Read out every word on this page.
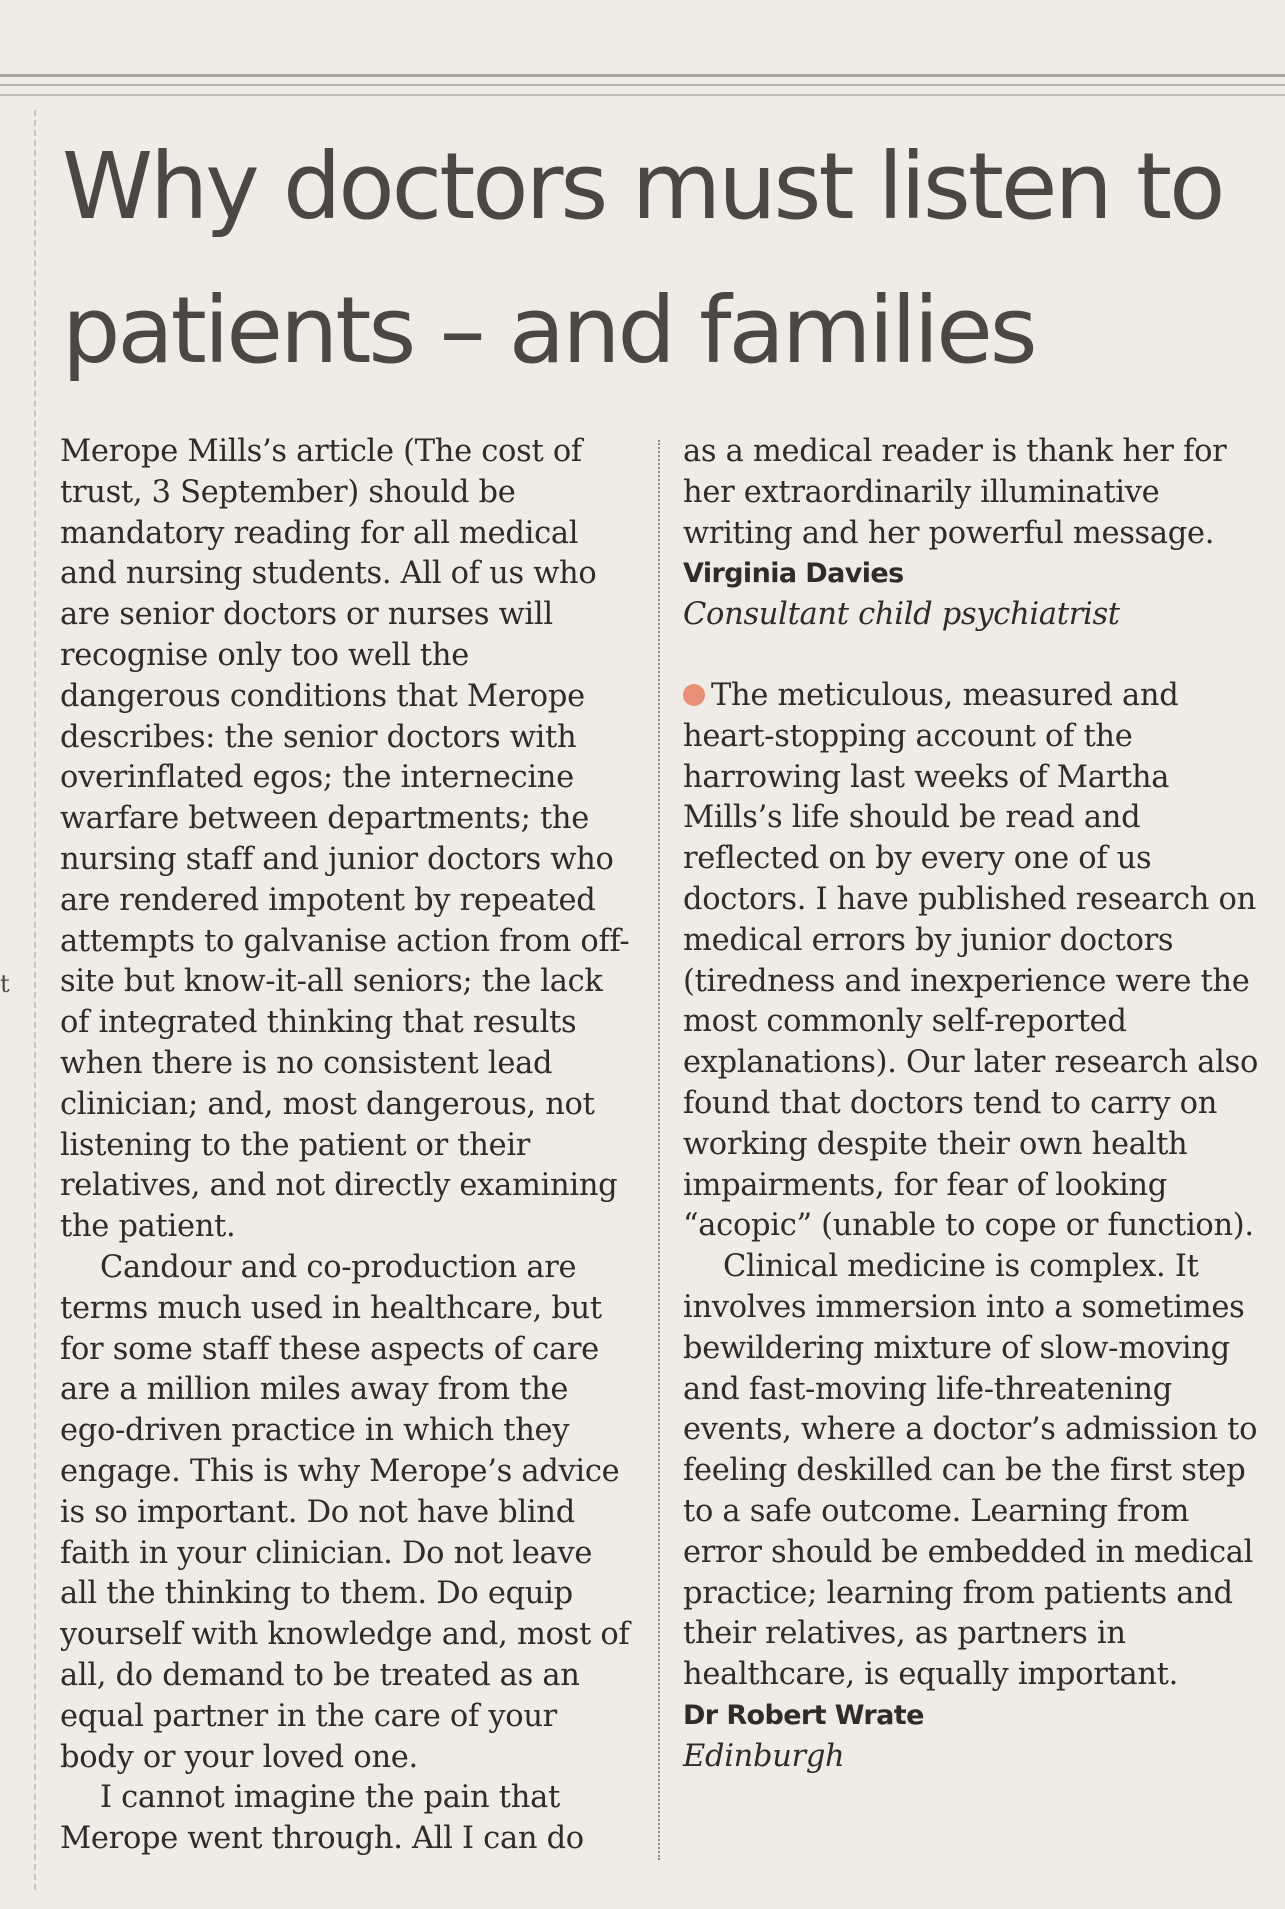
t
Why doctors must listen to patients – and families

Merope Mills’s article (The cost of trust, 3 September) should be mandatory reading for all medical and nursing students. All of us who are senior doctors or nurses will recognise only too well the dangerous conditions that Merope describes: the senior doctors with overinflated egos; the internecine warfare between departments; the nursing staff and junior doctors who are rendered impotent by repeated attempts to galvanise action from off-site but know-it-all seniors; the lack of integrated thinking that results when there is no consistent lead clinician; and, most dangerous, not listening to the patient or their relatives, and not directly examining the patient.

Candour and co-production are terms much used in healthcare, but for some staff these aspects of care are a million miles away from the ego-driven practice in which they engage. This is why Merope’s advice is so important. Do not have blind faith in your clinician. Do not leave all the thinking to them. Do equip yourself with knowledge and, most of all, do demand to be treated as an equal partner in the care of your body or your loved one.

I cannot imagine the pain that Merope went through. All I can do

as a medical reader is thank her for her extraordinarily illuminative writing and her powerful message.

Virginia Davies
Consultant child psychiatrist

The meticulous, measured and heart-stopping account of the harrowing last weeks of Martha Mills’s life should be read and reflected on by every one of us doctors. I have published research on medical errors by junior doctors (tiredness and inexperience were the most commonly self-reported explanations). Our later research also found that doctors tend to carry on working despite their own health impairments, for fear of looking “acopic” (unable to cope or function).

Clinical medicine is complex. It involves immersion into a sometimes bewildering mixture of slow-moving and fast-moving life-threatening events, where a doctor’s admission to feeling deskilled can be the first step to a safe outcome. Learning from error should be embedded in medical practice; learning from patients and their relatives, as partners in healthcare, is equally important.

Dr Robert Wrate
Edinburgh
